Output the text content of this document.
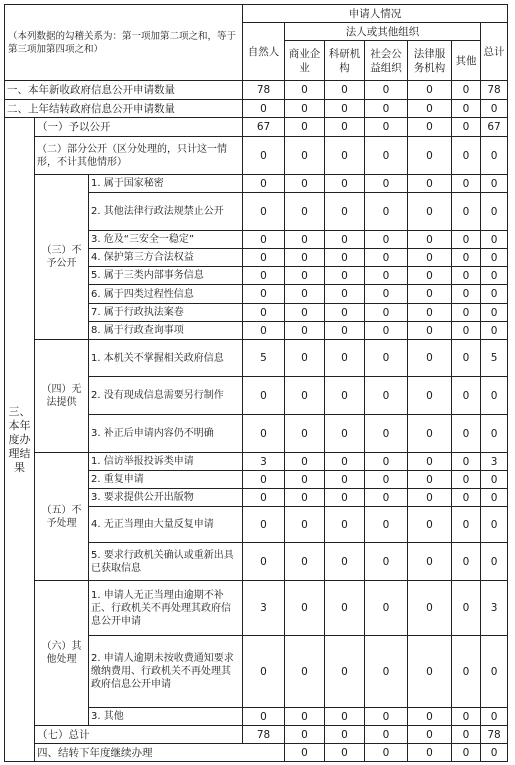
（本列数据的勾稽关系为：第一项加第二项之和，等于第三项加第四项之和）			申请人情况							
			自然人	法人或其他组织					总计	
				商业企业	科研机构	社会公益组织	法律服务机构	其他		
一、本年新收政府信息公开申请数量			78	0	0	0	0	0	78	
二、上年结转政府信息公开申请数量			0	0	0	0	0	0	0	

三、本年度办理结果	（一）予以公开		67	0	0	0	0	0	67	
	（二）部分公开（区分处理的，只计这一情形，不计其他情形）		0	0	0	0	0	0	0	
	（三）不予公开	1. 属于国家秘密	0	0	0	0	0	0	0	
		2. 其他法律行政法规禁止公开	0	0	0	0	0	0	0	
		3. 危及“三安全一稳定”	0	0	0	0	0	0	0	
		4. 保护第三方合法权益	0	0	0	0	0	0	0	
		5. 属于三类内部事务信息	0	0	0	0	0	0	0	
		6. 属于四类过程性信息	0	0	0	0	0	0	0	
		7. 属于行政执法案卷	0	0	0	0	0	0	0	
		8. 属于行政查询事项	0	0	0	0	0	0	0	
	（四）无法提供	1. 本机关不掌握相关政府信息	5	0	0	0	0	0	5	
		2. 没有现成信息需要另行制作	0	0	0	0	0	0	0	
		3. 补正后申请内容仍不明确	0	0	0	0	0	0	0	
	（五）不予处理	1. 信访举报投诉类申请	3	0	0	0	0	0	3	
		2. 重复申请	0	0	0	0	0	0	0	
		3. 要求提供公开出版物	0	0	0	0	0	0	0	
		4. 无正当理由大量反复申请	0	0	0	0	0	0	0	
		5. 要求行政机关确认或重新出具已获取信息	0	0	0	0	0	0	0	
	（六）其他处理	1. 申请人无正当理由逾期不补正、行政机关不再处理其政府信息公开申请	3	0	0	0	0	0	3	
		2. 申请人逾期未按收费通知要求缴纳费用、行政机关不再处理其政府信息公开申请	0	0	0	0	0	0	0	
		3. 其他	0	0	0	0	0	0	0	
	（七）总计		78	0	0	0	0	0	78	
	四、结转下年度继续办理			0	0	0	0	0	0	
